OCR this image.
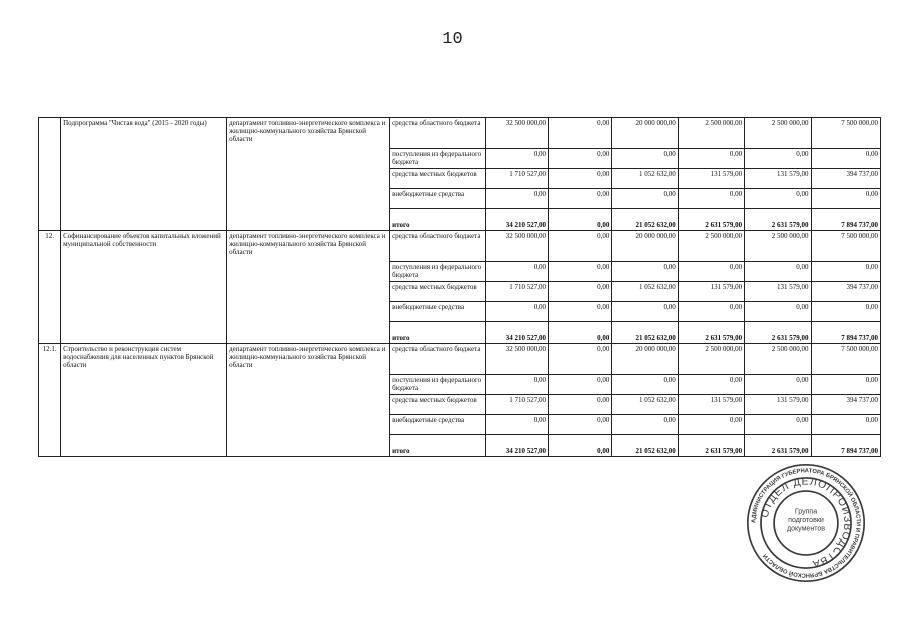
10
	Подпрограмма "Чистая вода" (2015 - 2020 годы)	департамент топливно-энергетического комплекса и жилищно-коммунального хозяйства Брянской области	средства областного бюджета	32 500 000,00	0,00	20 000 000,00	2 500 000,00	2 500 000,00	7 500 000,00
			поступления из федерального бюджета	0,00	0,00	0,00	0,00	0,00	0,00
			средства местных бюджетов	1 710 527,00	0,00	1 052 632,00	131 579,00	131 579,00	394 737,00
			внебюджетные средства	0,00	0,00	0,00	0,00	0,00	0,00
			итого	34 210 527,00	0,00	21 052 632,00	2 631 579,00	2 631 579,00	7 894 737,00
12.	Софинансирование объектов капитальных вложений муниципальной собственности	департамент топливно-энергетического комплекса и жилищно-коммунального хозяйства Брянской области	средства областного бюджета	32 500 000,00	0,00	20 000 000,00	2 500 000,00	2 500 000,00	7 500 000,00
			поступления из федерального бюджета	0,00	0,00	0,00	0,00	0,00	0,00
			средства местных бюджетов	1 710 527,00	0,00	1 052 632,00	131 579,00	131 579,00	394 737,00
			внебюджетные средства	0,00	0,00	0,00	0,00	0,00	0,00
			итого	34 210 527,00	0,00	21 052 632,00	2 631 579,00	2 631 579,00	7 894 737,00
12.1.	Строительство и реконструкция систем водоснабжения для населенных пунктов Брянской области	департамент топливно-энергетического комплекса и жилищно-коммунального хозяйства Брянской области	средства областного бюджета	32 500 000,00	0,00	20 000 000,00	2 500 000,00	2 500 000,00	7 500 000,00
			поступления из федерального бюджета	0,00	0,00	0,00	0,00	0,00	0,00
			средства местных бюджетов	1 710 527,00	0,00	1 052 632,00	131 579,00	131 579,00	394 737,00
			внебюджетные средства	0,00	0,00	0,00	0,00	0,00	0,00
			итого	34 210 527,00	0,00	21 052 632,00	2 631 579,00	2 631 579,00	7 894 737,00
АДМИНИСТРАЦИЯ ГУБЕРНАТОРА БРЯНСКОЙ ОБЛАСТИ И ПРАВИТЕЛЬСТВА БРЯНСКОЙ ОБЛАСТИ
ОТДЕЛ ДЕЛОПРОИЗВОДСТВА
Группа подготовки документов
